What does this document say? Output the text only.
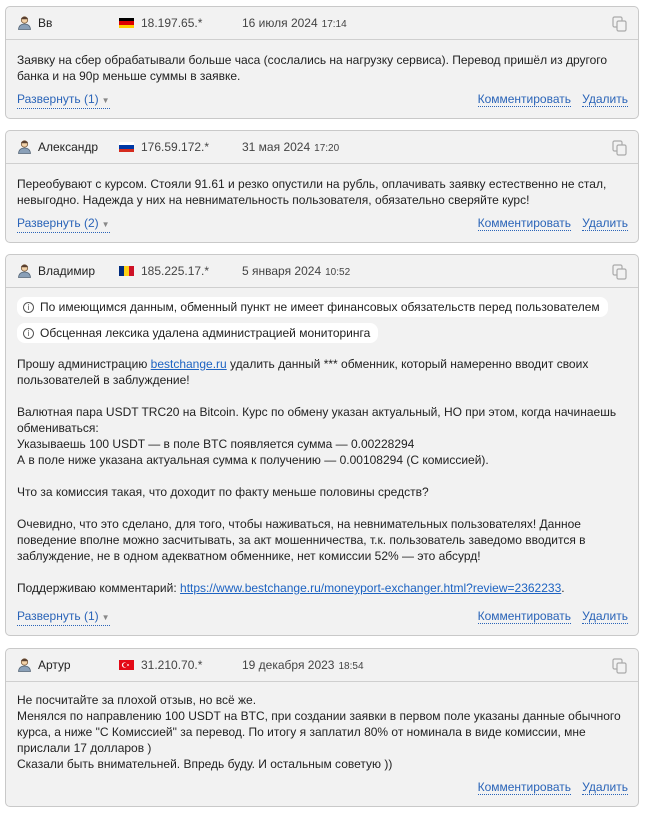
Вв	18.197.65.*	16 июля 2024 17:14

Заявку на сбер обрабатывали больше часа (сослались на нагрузку сервиса). Перевод пришёл из другого банка и на 90р меньше суммы в заявке.

Развернуть (1) ▼	Комментировать Удалить
Александр	176.59.172.*	31 мая 2024 17:20

Переобувают с курсом. Стояли 91.61 и резко опустили на рубль, оплачивать заявку естественно не стал, невыгодно. Надежда у них на невнимательность пользователя, обязательно сверяйте курс!

Развернуть (2) ▼	Комментировать Удалить
Владимир	185.225.17.*	5 января 2024 10:52
i По имеющимся данным, обменный пункт не имеет финансовых обязательств перед пользователем
i Обсценная лексика удалена администрацией мониторинга

Прошу администрацию bestchange.ru удалить данный *** обменник, который намеренно вводит своих пользователей в заблуждение!

Валютная пара USDT TRC20 на Bitcoin. Курс по обмену указан актуальный, НО при этом, когда начинаешь обмениваться:

Указываешь 100 USDT — в поле BTC появляется сумма — 0.00228294

А в поле ниже указана актуальная сумма к получению — 0.00108294 (С комиссией).

Что за комиссия такая, что доходит по факту меньше половины средств?

Очевидно, что это сделано, для того, чтобы наживаться, на невнимательных пользователях! Данное поведение вполне можно засчитывать, за акт мошенничества, т.к. пользователь заведомо вводится в заблуждение, не в одном адекватном обменнике, нет комиссии 52% — это абсурд!

Поддерживаю комментарий: https://www.bestchange.ru/moneyport-exchanger.html?review=2362233.

Развернуть (1) ▼	Комментировать Удалить
Артур	31.210.70.*	19 декабря 2023 18:54

Не посчитайте за плохой отзыв, но всё же.

Менялся по направлению 100 USDT на BTC, при создании заявки в первом поле указаны данные обычного курса, а ниже "С Комиссией" за перевод. По итогу я заплатил 80% от номинала в виде комиссии, мне прислали 17 долларов )

Сказали быть внимательней. Впредь буду. И остальным советую ))

Комментировать Удалить
